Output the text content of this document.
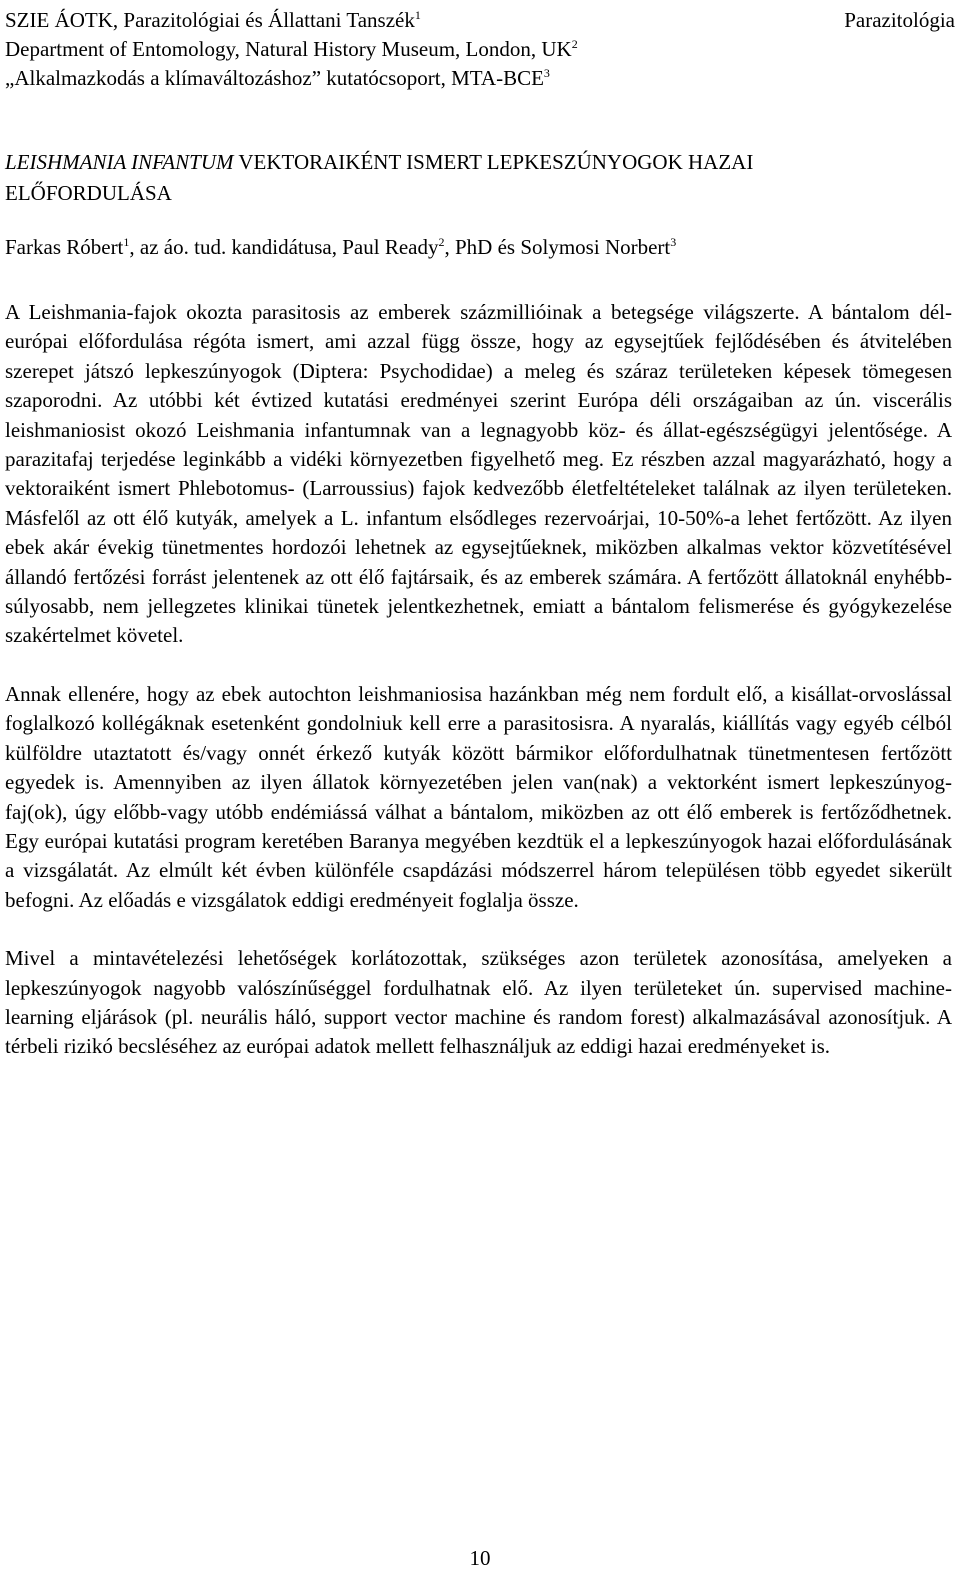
SZIE ÁOTK, Parazitológiai és Állattani Tanszék$^1$
Department of Entomology, Natural History Museum, London, $UK^2$
„Alkalmazkodás a klímaváltozáshoz” kutatócsoport, MTA-BCE$^3$
Parazitológia
LEISHMANIA INFANTUM VEKTORAIKÉNT ISMERT LEPKESZÚNYOGOK HAZAI
ELŐFORDULÁSA
Farkas Róbert$^1$, az áo. tud. kandidátusa, Paul Ready$^2$, PhD és Solymosi Norbert$^3$

A Leishmania-fajok okozta parasitosis az emberek százmillióinak a betegsége világszerte. A bántalom dél-európai előfordulása régóta ismert, ami azzal függ össze, hogy az egysejtűek fejlődésében és átvitelében szerepet játszó lepkeszúnyogok (Diptera: Psychodidae) a meleg és száraz területeken képesek tömegesen szaporodni. Az utóbbi két évtized kutatási eredményei szerint Európa déli országaiban az ún. viscerális leishmaniosist okozó Leishmania infantumnak van a legnagyobb köz- és állat-egészségügyi jelentősége. A parazitafaj terjedése leginkább a vidéki környezetben figyelhető meg. Ez részben azzal magyarázható, hogy a vektoraiként ismert Phlebotomus- (Larroussius) fajok kedvezőbb életfeltételeket találnak az ilyen területeken. Másfelől az ott élő kutyák, amelyek a L. infantum elsődleges rezervoárjai, 10-50%-a lehet fertőzött. Az ilyen ebek akár évekig tünetmentes hordozói lehetnek az egysejtűeknek, miközben alkalmas vektor közvetítésével állandó fertőzési forrást jelentenek az ott élő fajtársaik, és az emberek számára. A fertőzött állatoknál enyhébb-súlyosabb, nem jellegzetes klinikai tünetek jelentkezhetnek, emiatt a bántalom felismerése és gyógykezelése szakértelmet követel.

Annak ellenére, hogy az ebek autochton leishmaniosisa hazánkban még nem fordult elő, a kisállat-orvoslással foglalkozó kollégáknak esetenként gondolniuk kell erre a parasitosisra. A nyaralás, kiállítás vagy egyéb célból külföldre utaztatott és/vagy onnét érkező kutyák között bármikor előfordulhatnak tünetmentesen fertőzött egyedek is. Amennyiben az ilyen állatok környezetében jelen van(nak) a vektorként ismert lepkeszúnyog-faj(ok), úgy előbb-vagy utóbb endémiássá válhat a bántalom, miközben az ott élő emberek is fertőződhetnek. Egy európai kutatási program keretében Baranya megyében kezdtük el a lepkeszúnyogok hazai előfordulásának a vizsgálatát. Az elmúlt két évben különféle csapdázási módszerrel három településen több egyedet sikerült befogni. Az előadás e vizsgálatok eddigi eredményeit foglalja össze.

Mivel a mintavételezési lehetőségek korlátozottak, szükséges azon területek azonosítása, amelyeken a lepkeszúnyogok nagyobb valószínűséggel fordulhatnak elő. Az ilyen területeket ún. supervised machine-learning eljárások (pl. neurális háló, support vector machine és random forest) alkalmazásával azonosítjuk. A térbeli rizikó becsléséhez az európai adatok mellett felhasználjuk az eddigi hazai eredményeket is.

10
